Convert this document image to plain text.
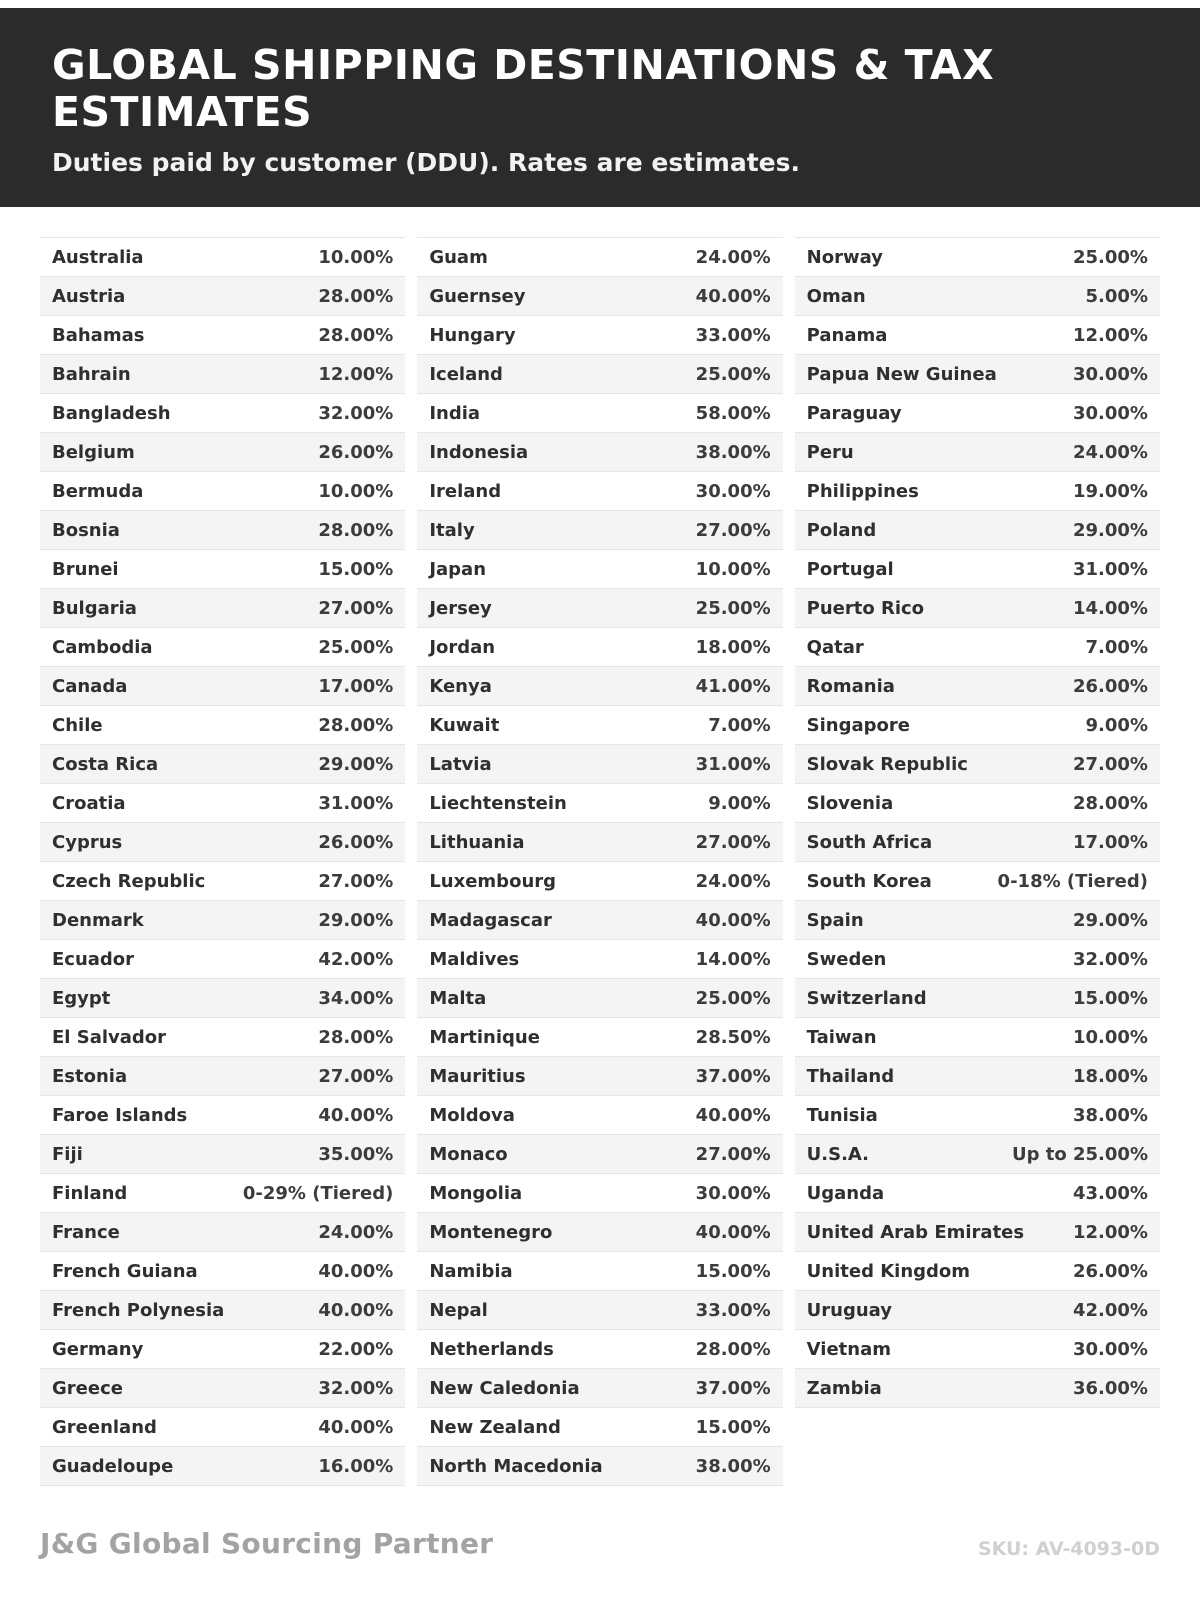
GLOBAL SHIPPING DESTINATIONS & TAX ESTIMATES

Duties paid by customer (DDU). Rates are estimates.

Australia	10.00%
Austria	28.00%
Bahamas	28.00%
Bahrain	12.00%
Bangladesh	32.00%
Belgium	26.00%
Bermuda	10.00%
Bosnia	28.00%
Brunei	15.00%
Bulgaria	27.00%
Cambodia	25.00%
Canada	17.00%
Chile	28.00%
Costa Rica	29.00%
Croatia	31.00%
Cyprus	26.00%
Czech Republic	27.00%
Denmark	29.00%
Ecuador	42.00%
Egypt	34.00%
El Salvador	28.00%
Estonia	27.00%
Faroe Islands	40.00%
Fiji	35.00%
Finland	0-29% (Tiered)
France	24.00%
French Guiana	40.00%
French Polynesia	40.00%
Germany	22.00%
Greece	32.00%
Greenland	40.00%
Guadeloupe	16.00%
Guam	24.00%
Guernsey	40.00%
Hungary	33.00%
Iceland	25.00%
India	58.00%
Indonesia	38.00%
Ireland	30.00%
Italy	27.00%
Japan	10.00%
Jersey	25.00%
Jordan	18.00%
Kenya	41.00%
Kuwait	7.00%
Latvia	31.00%
Liechtenstein	9.00%
Lithuania	27.00%
Luxembourg	24.00%
Madagascar	40.00%
Maldives	14.00%
Malta	25.00%
Martinique	28.50%
Mauritius	37.00%
Moldova	40.00%
Monaco	27.00%
Mongolia	30.00%
Montenegro	40.00%
Namibia	15.00%
Nepal	33.00%
Netherlands	28.00%
New Caledonia	37.00%
New Zealand	15.00%
North Macedonia	38.00%
Norway	25.00%
Oman	5.00%
Panama	12.00%
Papua New Guinea	30.00%
Paraguay	30.00%
Peru	24.00%
Philippines	19.00%
Poland	29.00%
Portugal	31.00%
Puerto Rico	14.00%
Qatar	7.00%
Romania	26.00%
Singapore	9.00%
Slovak Republic	27.00%
Slovenia	28.00%
South Africa	17.00%
South Korea	0-18% (Tiered)
Spain	29.00%
Sweden	32.00%
Switzerland	15.00%
Taiwan	10.00%
Thailand	18.00%
Tunisia	38.00%
U.S.A.	Up to 25.00%
Uganda	43.00%
United Arab Emirates	12.00%
United Kingdom	26.00%
Uruguay	42.00%
Vietnam	30.00%
Zambia	36.00%
J&G Global Sourcing Partner	SKU: AV-4093-0D
